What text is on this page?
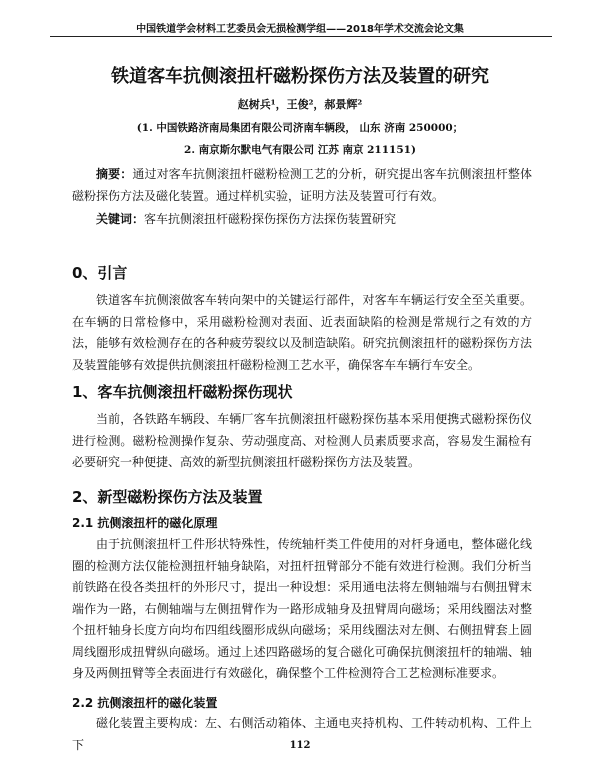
中国铁道学会材料工艺委员会无损检测学组——2018年学术交流会论文集
铁道客车抗侧滚扭杆磁粉探伤方法及装置的研究
赵树兵¹，王俊²，郝景辉²
(1. 中国铁路济南局集团有限公司济南车辆段， 山东 济南 250000；
2. 南京斯尔默电气有限公司 江苏 南京 211151)
摘要：通过对客车抗侧滚扭杆磁粉检测工艺的分析，研究提出客车抗侧滚扭杆整体磁粉探伤方法及磁化装置。通过样机实验，证明方法及装置可行有效。
关键词：客车抗侧滚扭杆磁粉探伤探伤方法探伤装置研究
0、引言
铁道客车抗侧滚做客车转向架中的关键运行部件，对客车车辆运行安全至关重要。在车辆的日常检修中，采用磁粉检测对表面、近表面缺陷的检测是常规行之有效的方法，能够有效检测存在的各种疲劳裂纹以及制造缺陷。研究抗侧滚扭杆的磁粉探伤方法及装置能够有效提供抗侧滚扭杆磁粉检测工艺水平，确保客车车辆行车安全。
1、客车抗侧滚扭杆磁粉探伤现状
当前，各铁路车辆段、车辆厂客车抗侧滚扭杆磁粉探伤基本采用便携式磁粉探伤仪进行检测。磁粉检测操作复杂、劳动强度高、对检测人员素质要求高，容易发生漏检有必要研究一种便捷、高效的新型抗侧滚扭杆磁粉探伤方法及装置。
2、新型磁粉探伤方法及装置
2.1 抗侧滚扭杆的磁化原理
由于抗侧滚扭杆工件形状特殊性，传统轴杆类工件使用的对杆身通电，整体磁化线圈的检测方法仅能检测扭杆轴身缺陷，对扭杆扭臂部分不能有效进行检测。我们分析当前铁路在役各类扭杆的外形尺寸，提出一种设想：采用通电法将左侧轴端与右侧扭臂末端作为一路，右侧轴端与左侧扭臂作为一路形成轴身及扭臂周向磁场；采用线圈法对整个扭杆轴身长度方向均布四组线圈形成纵向磁场；采用线圈法对左侧、右侧扭臂套上圆周线圈形成扭臂纵向磁场。通过上述四路磁场的复合磁化可确保抗侧滚扭杆的轴端、轴身及两侧扭臂等全表面进行有效磁化，确保整个工件检测符合工艺检测标准要求。
2.2 抗侧滚扭杆的磁化装置
磁化装置主要构成：左、右侧活动箱体、主通电夹持机构、工件转动机构、工件上下	112
